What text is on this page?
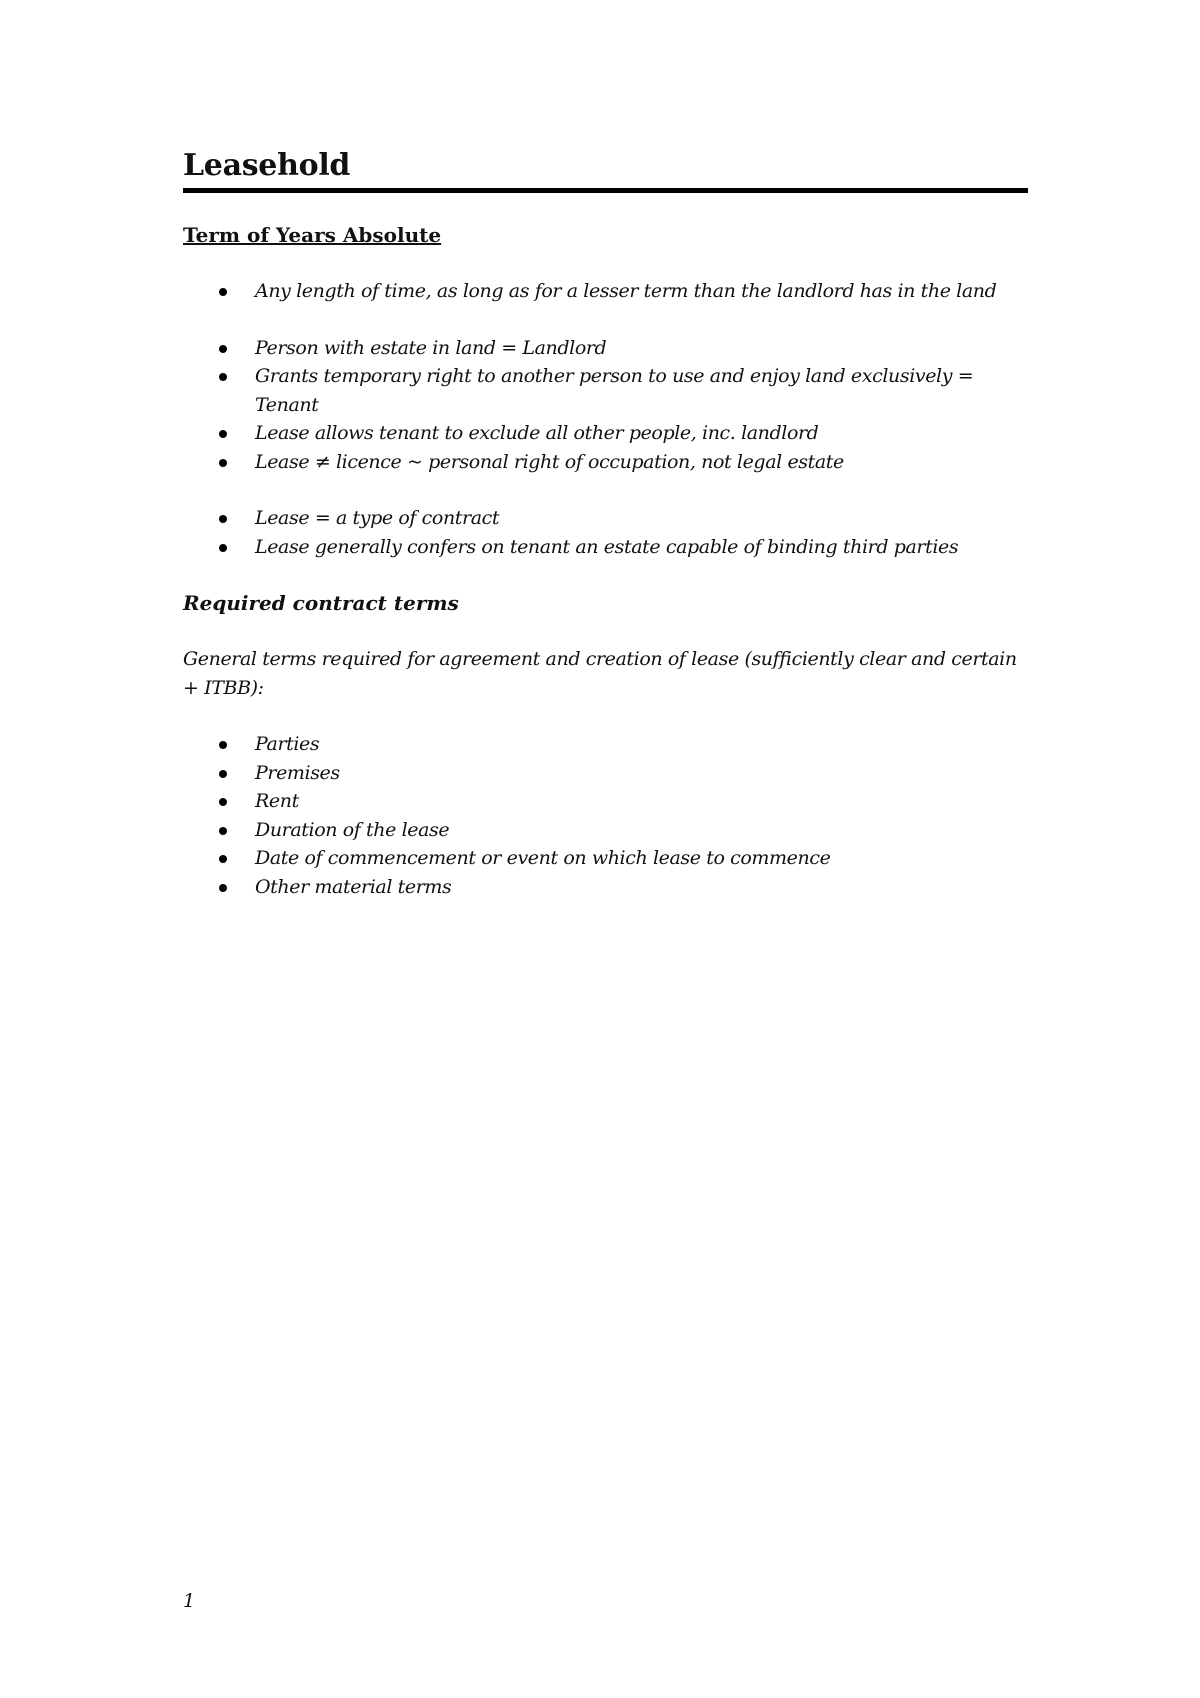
Leasehold
Term of Years Absolute
Any length of time, as long as for a lesser term than the landlord has in the land
Person with estate in land = Landlord
Grants temporary right to another person to use and enjoy land exclusively = Tenant
Lease allows tenant to exclude all other people, inc. landlord
Lease ≠ licence ~ personal right of occupation, not legal estate
Lease = a type of contract
Lease generally confers on tenant an estate capable of binding third parties
Required contract terms

General terms required for agreement and creation of lease (sufficiently clear and certain + ITBB):

Parties
Premises
Rent
Duration of the lease
Date of commencement or event on which lease to commence
Other material terms
1
